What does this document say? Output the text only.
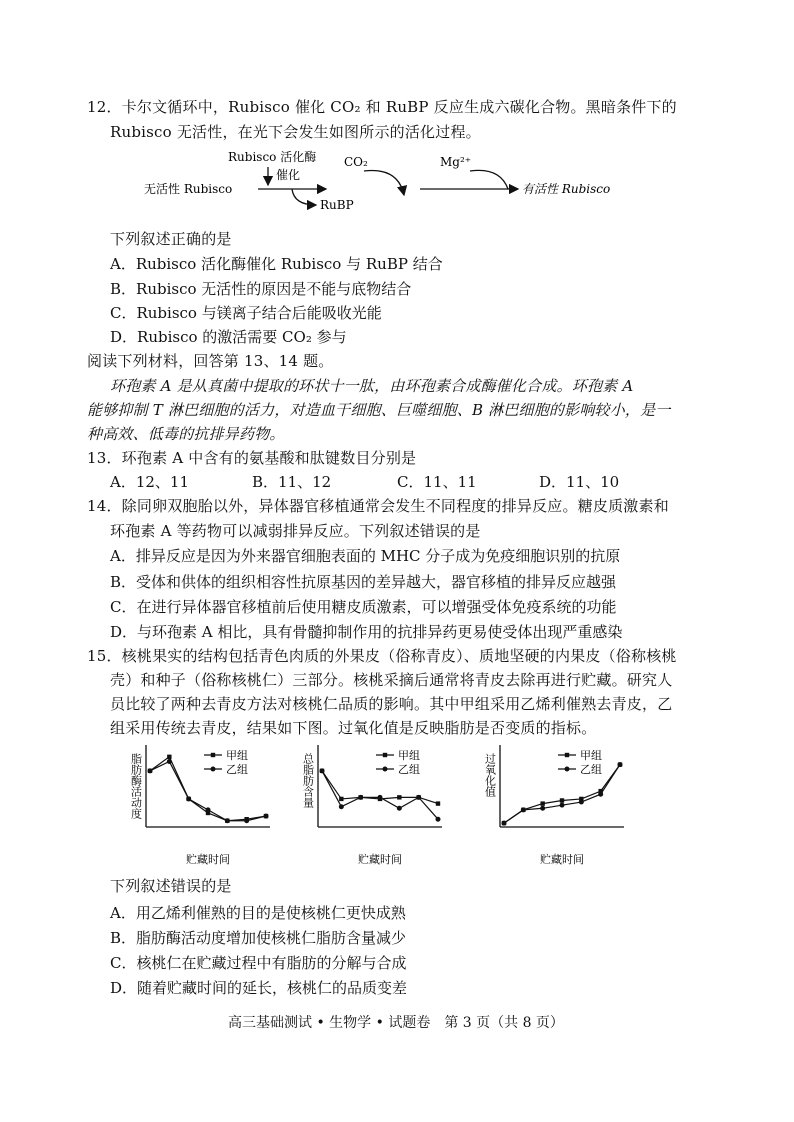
12．卡尔文循环中，Rubisco 催化 CO₂ 和 RuBP 反应生成六碳化合物。黑暗条件下的
Rubisco 无活性，在光下会发生如图所示的活化过程。
Rubisco 活化酶
催化
无活性 Rubisco
RuBP
CO₂	Mg²⁺
有活性 Rubisco
下列叙述正确的是
A．Rubisco 活化酶催化 Rubisco 与 RuBP 结合
B．Rubisco 无活性的原因是不能与底物结合
C．Rubisco 与镁离子结合后能吸收光能
D．Rubisco 的激活需要 CO₂ 参与
阅读下列材料，回答第 13、14 题。
环孢素 A 是从真菌中提取的环状十一肽，由环孢素合成酶催化合成。环孢素 A
能够抑制 T 淋巴细胞的活力，对造血干细胞、巨噬细胞、B 淋巴细胞的影响较小，是一
种高效、低毒的抗排异药物。
13．环孢素 A 中含有的氨基酸和肽键数目分别是
A．12、11	B．11、12	C．11、11	D．11、10
14．除同卵双胞胎以外，异体器官移植通常会发生不同程度的排异反应。糖皮质激素和
环孢素 A 等药物可以减弱排异反应。下列叙述错误的是
A．排异反应是因为外来器官细胞表面的 MHC 分子成为免疫细胞识别的抗原
B．受体和供体的组织相容性抗原基因的差异越大，器官移植的排异反应越强
C．在进行异体器官移植前后使用糖皮质激素，可以增强受体免疫系统的功能
D．与环孢素 A 相比，具有骨髓抑制作用的抗排异药更易使受体出现严重感染
15．核桃果实的结构包括青色肉质的外果皮（俗称青皮）、质地坚硬的内果皮（俗称核桃
壳）和种子（俗称核桃仁）三部分。核桃采摘后通常将青皮去除再进行贮藏。研究人
员比较了两种去青皮方法对核桃仁品质的影响。其中甲组采用乙烯利催熟去青皮，乙
组采用传统去青皮，结果如下图。过氧化值是反映脂肪是否变质的指标。
脂肪酶活动度
贮藏时间
甲组
乙组	总脂肪含量
贮藏时间
甲组
乙组	过氧化值
贮藏时间
甲组
乙组
下列叙述错误的是
A．用乙烯利催熟的目的是使核桃仁更快成熟
B．脂肪酶活动度增加使核桃仁脂肪含量减少
C．核桃仁在贮藏过程中有脂肪的分解与合成
D．随着贮藏时间的延长，核桃仁的品质变差
高三基础测试 • 生物学 • 试题卷　第 3 页（共 8 页）
